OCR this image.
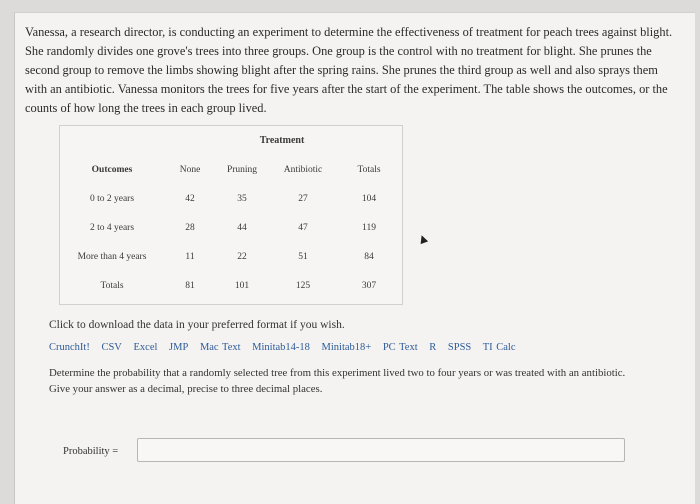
Vanessa, a research director, is conducting an experiment to determine the effectiveness of treatment for peach trees against blight. She randomly divides one grove's trees into three groups. One group is the control with no treatment for blight. She prunes the second group to remove the limbs showing blight after the spring rains. She prunes the third group as well and also sprays them with an antibiotic. Vanessa monitors the trees for five years after the start of the experiment. The table shows the outcomes, or the counts of how long the trees in each group lived.
	Treatment			
Outcomes	None	Pruning	Antibiotic	Totals
0 to 2 years	42	35	27	104
2 to 4 years	28	44	47	119
More than 4 years	11	22	51	84
Totals	81	101	125	307
Click to download the data in your preferred format if you wish.
CrunchIt! CSV Excel JMP Mac Text Minitab14-18 Minitab18+ PC Text R SPSS TI Calc
Determine the probability that a randomly selected tree from this experiment lived two to four years or was treated with an antibiotic. Give your answer as a decimal, precise to three decimal places.
Probability =
